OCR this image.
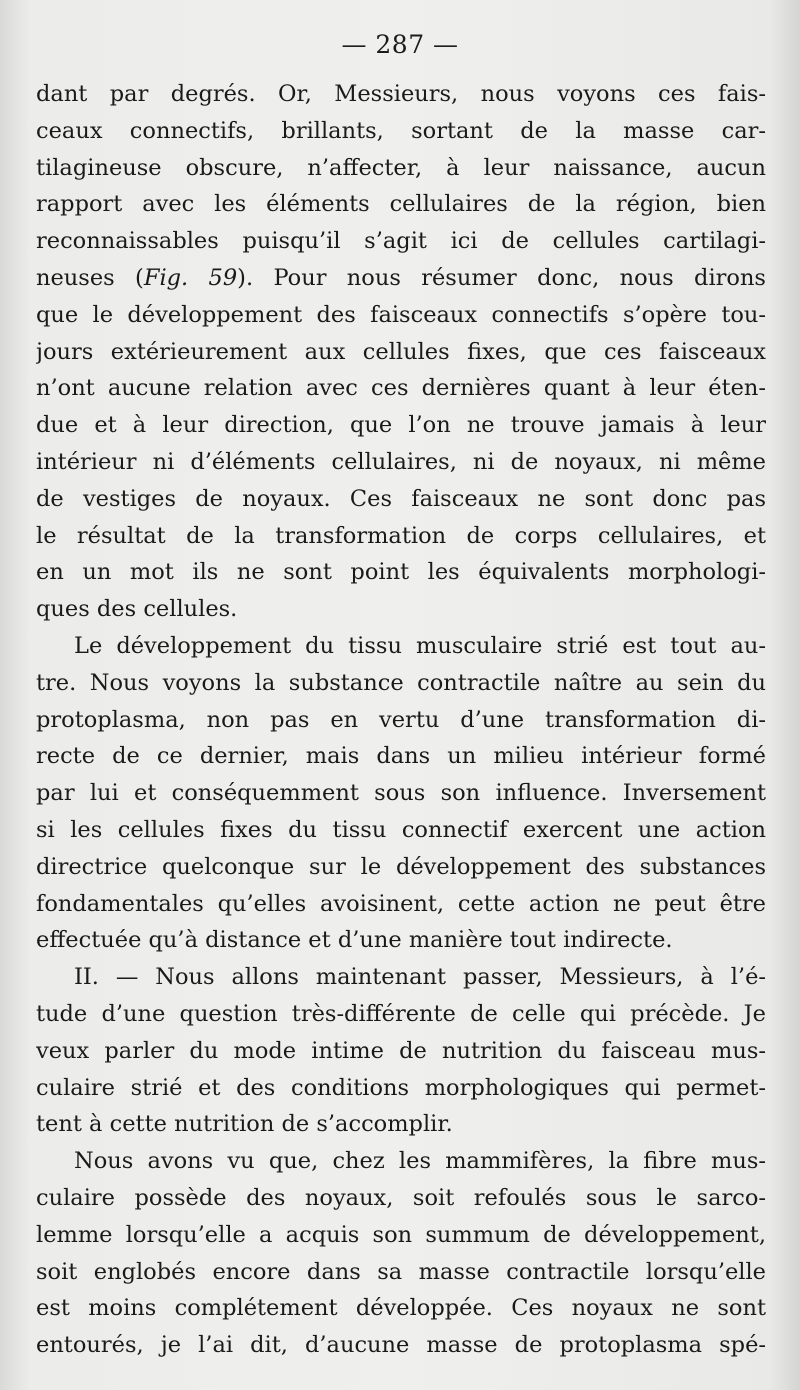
— 287 —
dant par degrés. Or, Messieurs, nous voyons ces fais-
ceaux connectifs, brillants, sortant de la masse car-
tilagineuse obscure, n’affecter, à leur naissance, aucun
rapport avec les éléments cellulaires de la région, bien
reconnaissables puisqu’il s’agit ici de cellules cartilagi-
neuses (Fig. 59). Pour nous résumer donc, nous dirons
que le développement des faisceaux connectifs s’opère tou-
jours extérieurement aux cellules fixes, que ces faisceaux
n’ont aucune relation avec ces dernières quant à leur éten-
due et à leur direction, que l’on ne trouve jamais à leur
intérieur ni d’éléments cellulaires, ni de noyaux, ni même
de vestiges de noyaux. Ces faisceaux ne sont donc pas
le résultat de la transformation de corps cellulaires, et
en un mot ils ne sont point les équivalents morphologi-
ques des cellules.
Le développement du tissu musculaire strié est tout au-
tre. Nous voyons la substance contractile naître au sein du
protoplasma, non pas en vertu d’une transformation di-
recte de ce dernier, mais dans un milieu intérieur formé
par lui et conséquemment sous son influence. Inversement
si les cellules fixes du tissu connectif exercent une action
directrice quelconque sur le développement des substances
fondamentales qu’elles avoisinent, cette action ne peut être
effectuée qu’à distance et d’une manière tout indirecte.
II. — Nous allons maintenant passer, Messieurs, à l’é-
tude d’une question très-différente de celle qui précède. Je
veux parler du mode intime de nutrition du faisceau mus-
culaire strié et des conditions morphologiques qui permet-
tent à cette nutrition de s’accomplir.
Nous avons vu que, chez les mammifères, la fibre mus-
culaire possède des noyaux, soit refoulés sous le sarco-
lemme lorsqu’elle a acquis son summum de développement,
soit englobés encore dans sa masse contractile lorsqu’elle
est moins complétement développée. Ces noyaux ne sont
entourés, je l’ai dit, d’aucune masse de protoplasma spé-
